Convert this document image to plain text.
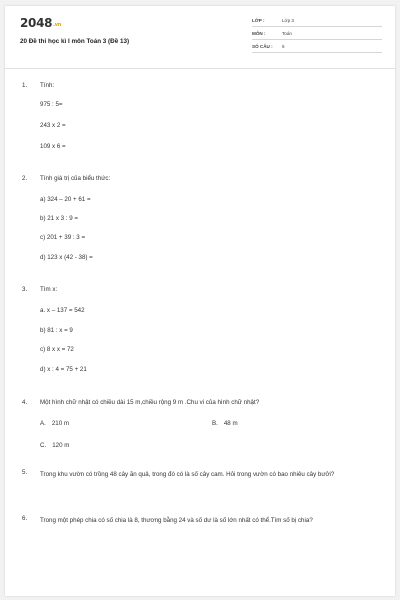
2048.vn
20 Đề thi học kì I môn Toán 3 (Đề 13)
LỚP :	Lớp 3
MÔN :	Toán
SỐ CÂU : 6
1. Tính:
975 : 5=
243 x 2 =
109 x 6 =
2. Tính giá trị của biểu thức:
a) 324 – 20 + 61 =
b) 21 x 3 : 9 =
c) 201 + 39 : 3 =
d) 123 x (42 - 38) =
3. Tìm x:
a. x – 137 = 542
b) 81 : x = 9
c) 8 x x = 72
d) x : 4 = 75 + 21
4. Một hình chữ nhật có chiều dài 15 m,chiều rộng 9 m .Chu vi của hình chữ nhật?
A. 210 m	B. 48 m
C. 120 m
5. Trong khu vườn có trồng 48 cây ăn quả, trong đó có là số cây cam. Hỏi trong vườn có bao nhiêu cây bưởi?
6. Trong một phép chia có số chia là 8, thương bằng 24 và số dư là số lớn nhất có thể.Tìm số bị chia?
